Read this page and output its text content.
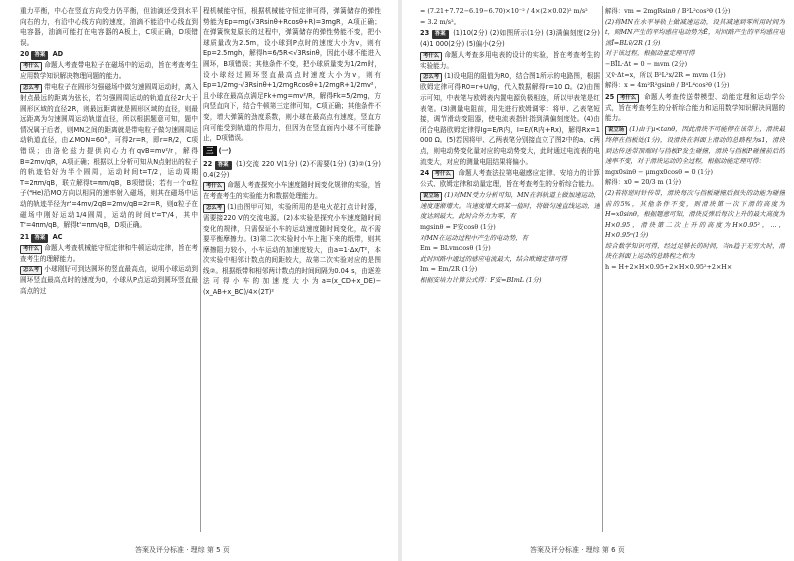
重力平衡，中心在竖直方向受力仍平衡，但油滴还受到水平向右的力，有沿中心线方向的速度，油滴不能沿中心线直到电容器，油滴可能打在电容器的A板上，C项正确，D项错误。

20 答案 AD

考什么 命题人考查带电粒子在磁场中的运动，旨在考查考生应用数学知识解决物理问题的能力。

怎么考 带电粒子在圆形匀强磁场中做匀速圆周运动时，离入射点最远的距离为弦长，若匀强圆周运动的轨道直径2r大于圆形区域的直径2R，则最远距离就是圆形区域的直径，则最远距离为匀速圆周运动轨道直径，所以根据题意可知，题中情况属于后者，则MN之间的距离就是带电粒子做匀速圆周运动轨道直径，由∠MON=60°，可得2r=R，即r=R/2，C项错误；由洛伦兹力提供向心力有qvB=mv²/r，解得B=2mv/qR，A项正确；根据以上分析可知从N点射出的粒子的轨迹恰好为半个圆周，运动时间t=T/2，运动周期T=2πm/qB，联立解得t=πm/qB，B项错误；若有一个α粒子(⁴He)沿MO方向以相同的速率射入磁场，则其在磁场中运动的轨迹半径为r'=4mv/2qB=2mv/qB=2r=R，则α粒子在磁场中刚好运动1/4圆周，运动的时间t'=T'/4，其中T'=4πm/qB，解得t'=πm/qB，D项正确。

21 答案 AC

考什么 命题人考查机械能守恒定律和牛顿运动定律，旨在考查考生的理解能力。

怎么考 小球刚好可到达圆环的竖直最高点，说明小球运动到圆环竖直最高点时的速度为0，小球从P点运动到圆环竖直最高点的过

程机械能守恒，根据机械能守恒定律可得，弹簧储存的弹性势能为Ep=mg(√3Rsinθ+Rcosθ+R)=3mgR，A项正确；在弹簧恢复原长的过程中，弹簧储存的弹性势能不变，把小球质量改为2.5m，设小球到P点时的速度大小为v，则有Ep=2.5mgh，解得h=6/5R<√3Rsinθ，因此小球不能进入圆环，B项错误；其他条件不变，把小球质量变为1/2m时，设小球经过圆环竖直最高点时速度大小为v，则有Ep=1/2mg·√3Rsinθ+1/2mgRcosθ+1/2mgR+1/2mv²，且小球在最高点满足Fk+mg=mv²/R，解得Fk=5/2mg，方向竖直向下，结合牛顿第三定律可知，C项正确；其他条件不变，增大弹簧的劲度系数，则小球在最高点有速度，竖直方向可能受到轨道的作用力，但因为在竖直面内小球不可能静止，D项错误。

三 (一)

22 答案 (1)交流 220 V(1分) (2)不需要(1分) (3)②(1分) 0.4(2分)

考什么 命题人考查探究小车速度随时间变化规律的实验，旨在考查考生的实验能力和数据处理能力。

怎么考 (1)由图甲可知，实验所用的是电火花打点计时器，需要接220 V的交流电源。(2)本实验是探究小车速度随时间变化的规律，只需保证小车的运动速度随时间变化，故不需要平衡摩擦力。(3)第二次实验时小车上拖下来的纸带，则其摩擦阻力较小，小车运动的加速度较大，由a=1·Δx/T²，本次实验中相邻计数点的间距较大，故第二次实验对应的是图线②。根据纸带和相邻两计数点的时间间隔为0.04 s，由逐差法可得小车的加速度大小为a=(x_CD+x_DE)−(x_AB+x_BC)/4×(2T)²

= (7.21+7.72−6.19−6.70)×10⁻² / 4×(2×0.02)² m/s²

= 3.2 m/s²。

23 答案 (1)10(2分) (2)如图所示(1分) (3)满偏刻度(2分) (4)1 000(2分) (5)偏小(2分)

考什么 命题人考查多用电表的设计的实验，旨在考查考生的实验能力。

怎么考 (1)设电阻的阻值为R0，结合图1所示的电路图，根据欧姆定律可得R0=r+U/Ig，代入数据解得r=10 Ω。(2)由图示可知，中表笔与欧姆表内置电源负极相连，所以甲表笔是红表笔。(3)测量电阻前，用先进行欧姆调零：将甲、乙表笔短接，调节滑动变阻器，使电流表指针指到满偏刻度处。(4)由闭合电路欧姆定律得Ig=E/R内，I=E/(R内+Rx)，解得Rx=1 000 Ω。(5)若因将甲、乙两表笔分别接直立了图2中的a、c两点，则电动势变化量对应的电动势变大，此时通过电流表的电流变大，对应的测量电阻结果将偏小。

24 考什么 命题人考查法拉第电磁感应定律、安培力的计算公式、欧姆定律和动量定理，旨在考查考生的分析综合能力。

说立场 (1)对MN受力分析可知，MN在斜轨道上做加速运动，速度逐渐增大。当速度增大到某一值时，将做匀速直线运动，速度达到最大，此时合外力为零，有

mgsinθ = F安cosθ (1分)

对MN在运动过程中产生的电动势，有

Em = BLvmcosθ (1分)

此时回路中通过的感应电流最大，结合欧姆定律可得

Im = Em/2R (1分)

根据安培力计算公式得：F安=BImL (1分)

解得：vm = 2mgRsinθ / B²L²cos²θ (1分)

(2)将MN在水平导轨上做减速运动，设其减速到零所用时间为t，则MN产生的平均感应电动势为Ē，对回路产生的平均感应电流Ī=BLv̄/2R (1分)

对于该过程，根据动量定理可得

−BĪL·Δt = 0 − mvm (2分)

又v̄·Δt=x，所以 B²L²x/2R = mvm (1分)

解得：x = 4m²R²gsinθ / B⁴L⁴cos²θ (1分)

25 考什么 命题人考查传送带模型、动能定理和运动学公式，旨在考查考生的分析综合能力和运用数学知识解决问题的能力。

说立场 (1)由于μ<tanθ，因此滑块不可能停在该带上，滑块最终停在挡板处(1分)，设滑块在斜面上滑动的总路程为s1，滑块到达传送带顶端时与挡板P发生碰撞，滑块与挡板P碰撞前后的速率不变，对于滑块运动的全过程，根据动能定理可得：

mgx0sinθ − μmgx0cosθ = 0 (1分)

解得：x0 = 20/3 m (1分)

(2)若将逆时针传带，滑块每次与挡板碰撞后损失的动能为碰撞前的5%，其他条件不变，则滑块第一次下滑的高度为H=x0sinθ，根据题意可知，滑块反弹后每次上升的最大高度为H×0.95，滑块第二次上升的高度为H×0.95²，…，H×0.95ⁿ(1分)

综合数学知识可得，经过足够长的时间，当n趋于无穷大时，滑块在斜面上运动的总路程之和为

h = H+2×H×0.95+2×H×0.95²+2×H×

答案及评分标准 · 理综 第 5 页	答案及评分标准 · 理综 第 6 页
